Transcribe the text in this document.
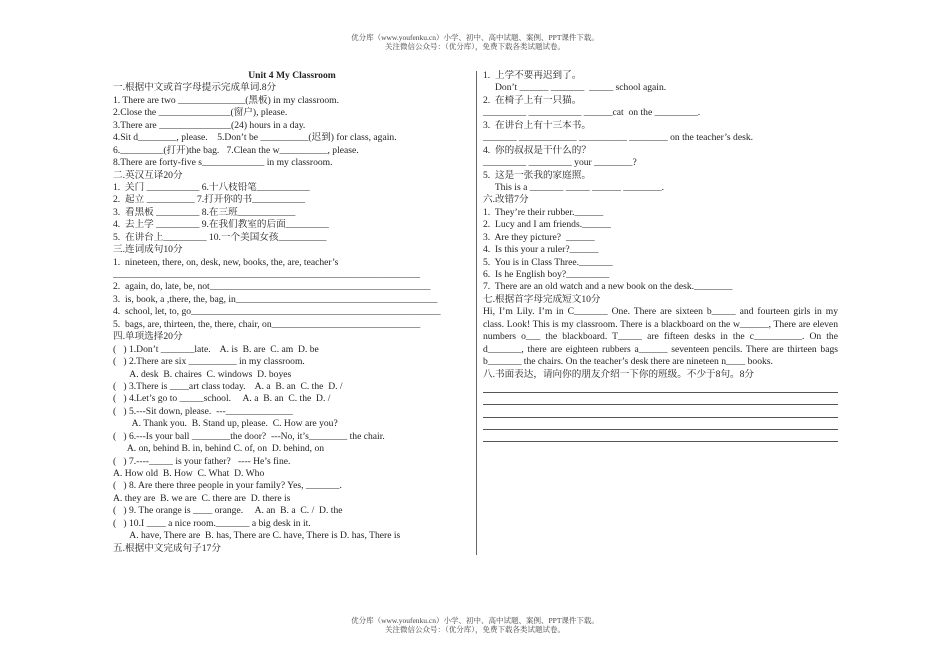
优分库（www.youfenku.cn）小学、初中、高中试题、案例、PPT课件下载。
关注微信公众号：（优分库），免费下载各类试题试卷。
Unit 4 My Classroom
一.根据中文或首字母提示完成单词.8分
1. There are two ______________(黑板) in my classroom.
2.Close the _______________(窗户), please.
3.There are _______________(24) hours in a day.
4.Sit d________, please.    5.Don’t be __________(迟到) for class, again.
6._________(打开)the bag.   7.Clean the w__________, please.
8.There are forty-five s_____________ in my classroom.
二.英汉互译20分
1.  关门 ___________ 6.十八枝铅笔___________
2.  起立 __________ 7.打开你的书___________
3.  看黑板 _________ 8.在三班____________
4.  去上学 _________ 9.在我们教室的后面_________
5.  在讲台上_________ 10.一个美国女孩__________
三.连词成句10分
1.  nineteen, there, on, desk, new, books, the, are, teacher’s
________________________________________________________________
2.  again, do, late, be, not______________________________________________
3.  is, book, a ,there, the, bag, in__________________________________________
4.  school, let, to, go____________________________________________________
5.  bags, are, thirteen, the, there, chair, on_______________________________
四.单项选择20分
(   ) 1.Don’t _______late.    A. is  B. are  C. am  D. be
(   ) 2.There are six __________ in my classroom.
A. desk  B. chaires  C. windows  D. boyes
(   ) 3.There is ____art class today.    A. a  B. an  C. the  D. /
(   ) 4.Let’s go to _____school.     A. a  B. an  C. the  D. /
(   ) 5.---Sit down, please.  ---______________
A. Thank you.  B. Stand up, please.  C. How are you?
(   ) 6.---Is your ball ________the door?  ---No, it’s________ the chair.
A. on, behind B. in, behind C. of, on  D. behind, on
(   ) 7.----_____ is your father?   ---- He’s fine.
A. How old  B. How  C. What  D. Who
(   ) 8. Are there three people in your family? Yes, _______.
A. they are  B. we are  C. there are  D. there is
(   ) 9. The orange is ____ orange.     A. an  B. a  C. /  D. the
(   ) 10.I ____ a nice room._______ a big desk in it.
A. have, There are  B. has, There are C. have, There is D. has, There is
五.根据中文完成句子17分
1.  上学不要再迟到了。
Don’t ______ _______  _____ school again.
2.  在椅子上有一只猫。
_________ ___________ ______cat  on the _________.
3.  在讲台上有十三本书。
_______ ____________ __________ ________ on the teacher’s desk.
4.  你的叔叔是干什么的？
_________ _________ your ________?
5.  这是一张我的家庭照。
This is a _______ _____ ______ ________.
六.改错7分
1.  They’re their rubber.______
2.  Lucy and I am friends.______
3.  Are they picture?  ______
4.  Is this your a ruler?______
5.  You is in Class Three._______
6.  Is he English boy?_________
7.  There are an old watch and a new book on the desk.________
七.根据首字母完成短文10分
Hi, I’m Lily. I’m in C_______ One. There are sixteen b_____ and fourteen girls in my class. Look! This is my classroom. There is a blackboard on the w______, There are eleven numbers o___ the blackboard. T_____ are fifteen desks in the c__________. On the d_______, there are eighteen rubbers a______ seventeen pencils. There are thirteen bags b_______ the chairs. On the teacher’s desk there are nineteen n____ books.
八.书面表达，请向你的朋友介绍一下你的班级。不少于8句。8分
优分库（www.youfenku.cn）小学、初中、高中试题、案例、PPT课件下载。
关注微信公众号：（优分库），免费下载各类试题试卷。
